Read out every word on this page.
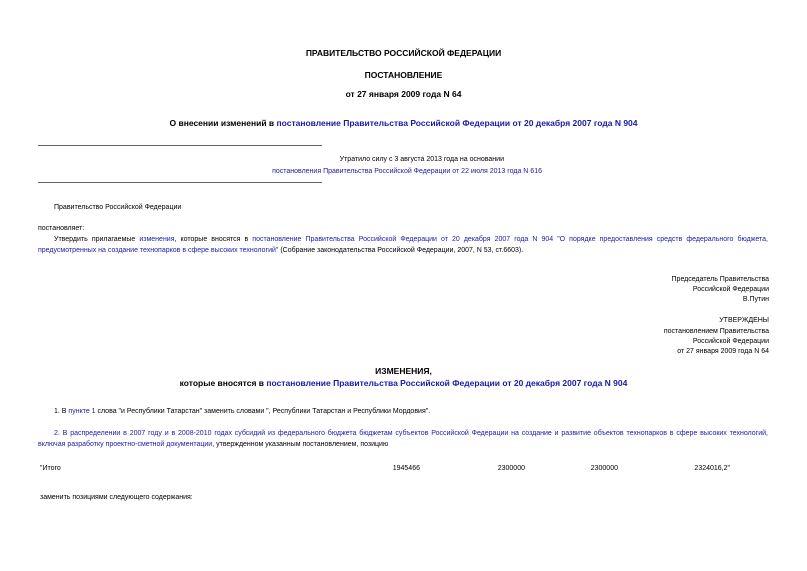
ПРАВИТЕЛЬСТВО РОССИЙСКОЙ ФЕДЕРАЦИИ
ПОСТАНОВЛЕНИЕ
от 27 января 2009 года N 64
О внесении изменений в постановление Правительства Российской Федерации от 20 декабря 2007 года N 904
Утратило силу с 3 августа 2013 года на основании
постановления Правительства Российской Федерации от 22 июля 2013 года N 616
Правительство Российской Федерации
постановляет:
Утвердить прилагаемые изменения, которые вносятся в постановление Правительства Российской Федерации от 20 декабря 2007 года N 904 "О порядке предоставления средств федерального бюджета, предусмотренных на создание технопарков в сфере высоких технологий" (Собрание законодательства Российской Федерации, 2007, N 53, ст.6603).
Председатель Правительства
Российской Федерации
В.Путин
УТВЕРЖДЕНЫ
постановлением Правительства
Российской Федерации
от 27 января 2009 года N 64
ИЗМЕНЕНИЯ,
которые вносятся в постановление Правительства Российской Федерации от 20 декабря 2007 года N 904
1. В пункте 1 слова "и Республики Татарстан" заменить словами ", Республики Татарстан и Республики Мордовия".
2. В распределении в 2007 году и в 2008-2010 годах субсидий из федерального бюджета бюджетам субъектов Российской Федерации на создание и развитие объектов технопарков в сфере высоких технологий, включая разработку проектно-сметной документации, утвержденном указанным постановлением, позицию
"Итого	1945466	2300000	2300000	2324016,2"
заменить позициями следующего содержания:
